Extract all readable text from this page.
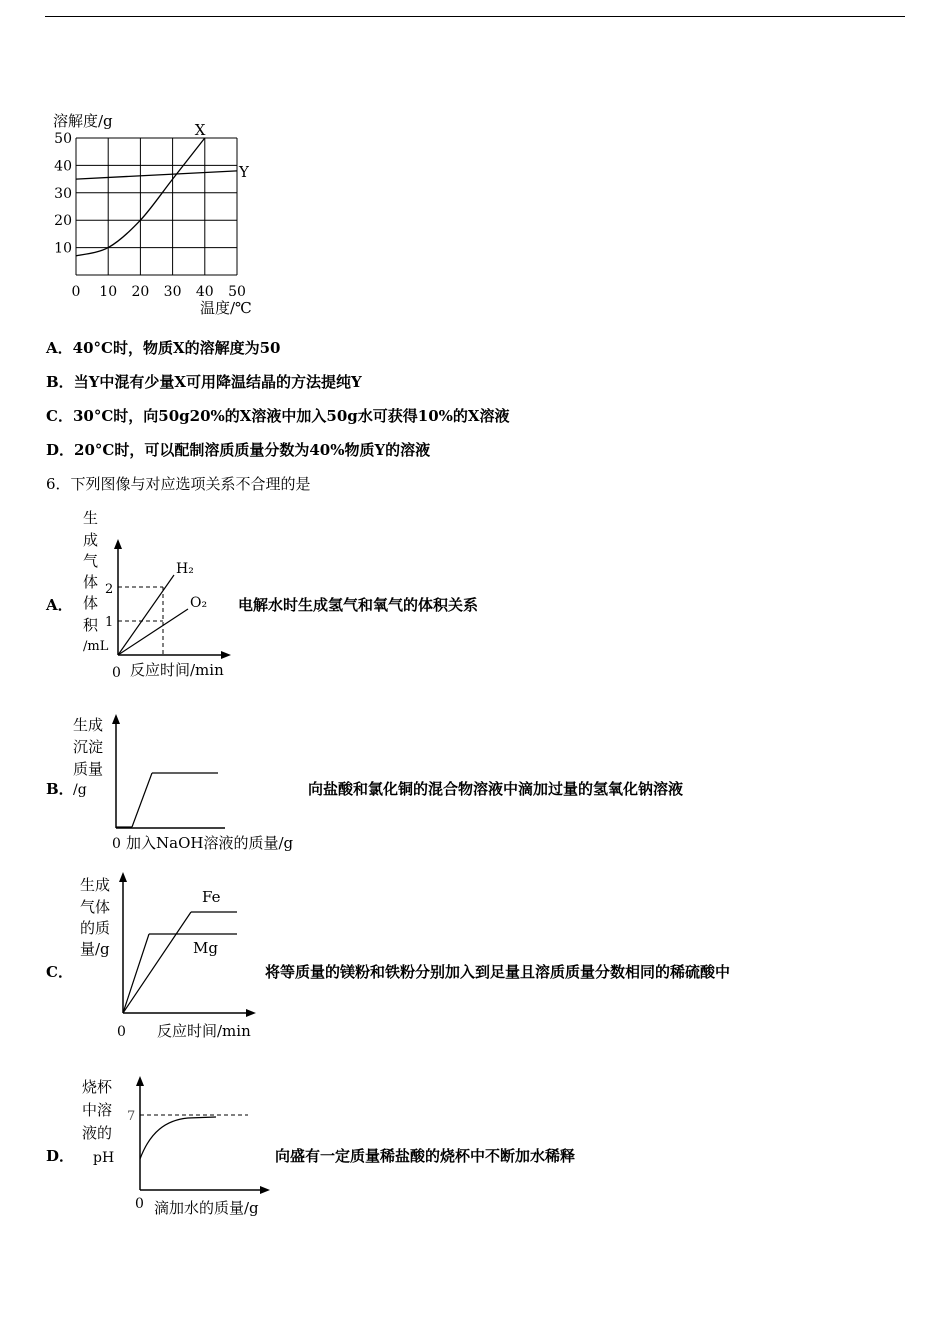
溶解度/g
50
40
30
20
10
0 10 20 30 40 50
X
Y
温度/℃
A．40°C时，物质X的溶解度为50
B．当Y中混有少量X可用降温结晶的方法提纯Y
C．30°C时，向50g20%的X溶液中加入50g水可获得10%的X溶液
D．20°C时，可以配制溶质质量分数为40%物质Y的溶液
6．下列图像与对应选项关系不合理的是
A．
生
成
气
体
体
积
/mL
2
1
H₂
O₂
0 反应时间/min
电解水时生成氢气和氧气的体积关系
B．
生成
沉淀
质量
/g
0 加入NaOH溶液的质量/g
向盐酸和氯化铜的混合物溶液中滴加过量的氢氧化钠溶液
C．
生成
气体
的质
量/g
Fe
Mg
0 反应时间/min
将等质量的镁粉和铁粉分别加入到足量且溶质质量分数相同的稀硫酸中
D．
烧杯
中溶
液的
pH
7
0 滴加水的质量/g
向盛有一定质量稀盐酸的烧杯中不断加水稀释
